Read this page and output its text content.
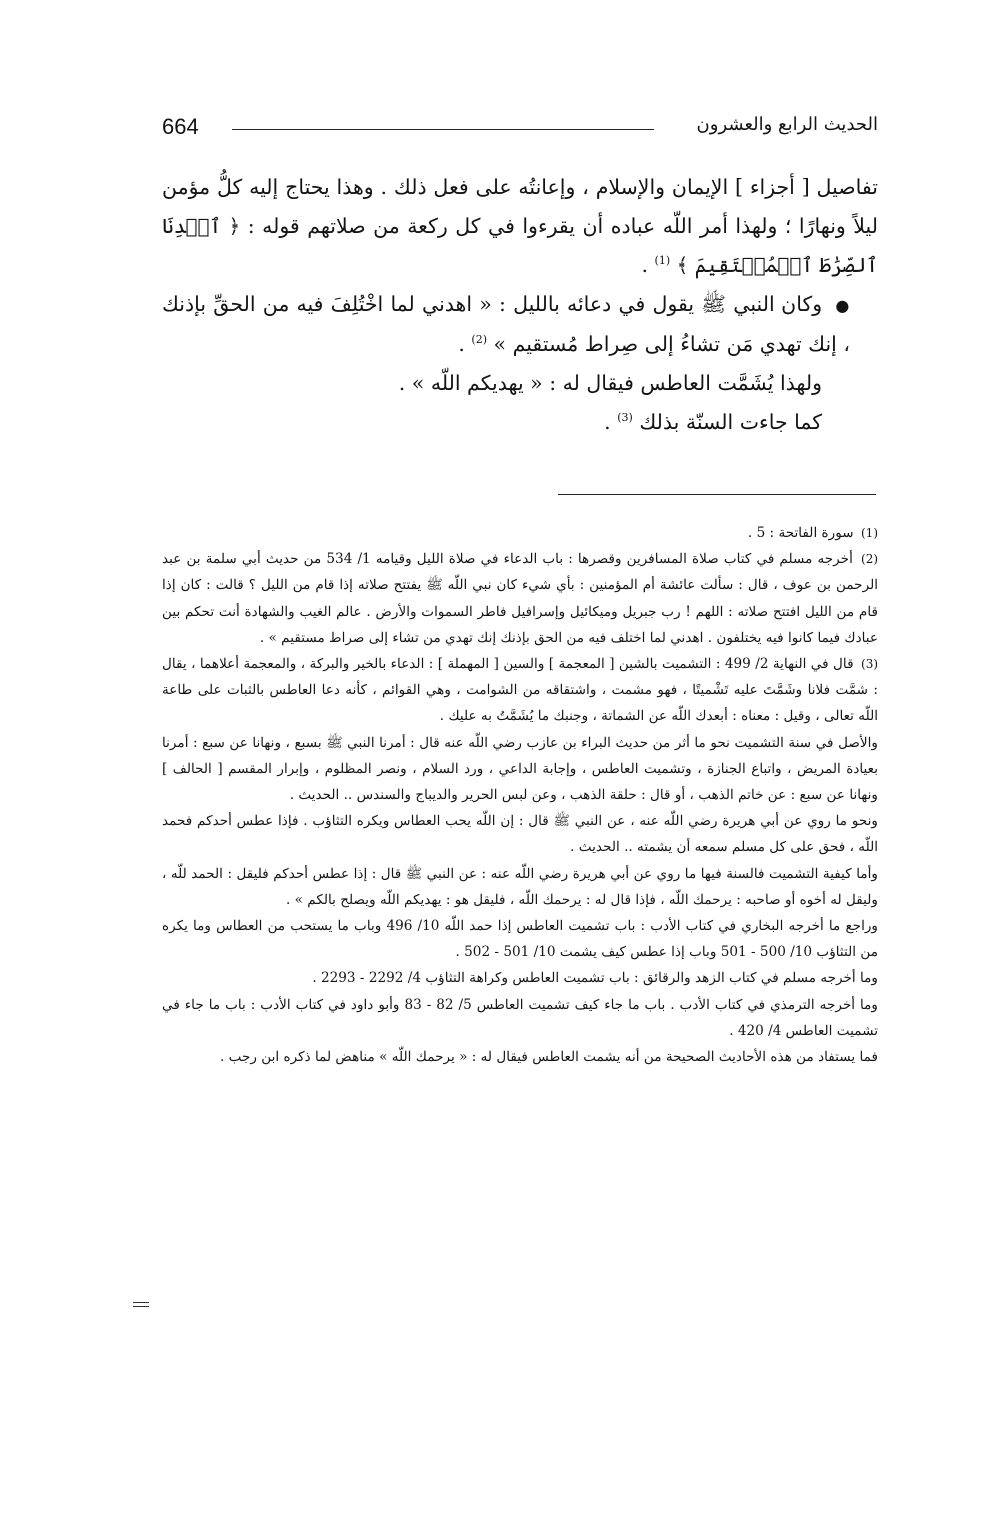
664	الحديث الرابع والعشرون

تفاصيل [ أجزاء ] الإيمان والإسلام ، وإعانتُه على فعل ذلك . وهذا يحتاج إليه كلُّ مؤمن ليلاً ونهارًا ؛ ولهذا أمر اللّه عباده أن يقرءوا في كل ركعة من صلاتهم قوله : ﴿ ٱهۡدِنَا ٱلصِّرَٰطَ ٱلۡمُسۡتَقِيمَ ﴾ $^{(1)}$ .

● وكان النبي ﷺ يقول في دعائه بالليل : « اهدني لما اخْتُلِفَ فيه من الحقِّ بإذنك ، إنك تهدي مَن تشاءُ إلى صِراط مُستقيم » $^{(2)}$ .

ولهذا يُشَمَّت العاطس فيقال له : « يهديكم اللّه » .

كما جاءت السنّة بذلك $^{(3)}$ .

(1) سورة الفاتحة : 5 .

(2) أخرجه مسلم في كتاب صلاة المسافرين وقصرها : باب الدعاء في صلاة الليل وقيامه 1/ 534 من حديث أبي سلمة بن عبد الرحمن بن عوف ، قال : سألت عائشة أم المؤمنين : بأي شيء كان نبي اللّه ﷺ يفتتح صلاته إذا قام من الليل ؟ قالت : كان إذا قام من الليل افتتح صلاته : اللهم ! رب جبريل وميكائيل وإسرافيل فاطر السموات والأرض . عالم الغيب والشهادة أنت تحكم بين عبادك فيما كانوا فيه يختلفون . اهدني لما اختلف فيه من الحق بإذنك إنك تهدي من تشاء إلى صراط مستقيم » .

(3) قال في النهاية 2/ 499 : التشميت بالشين [ المعجمة ] والسين [ المهملة ] : الدعاء بالخير والبركة ، والمعجمة أعلاهما ، يقال : شمَّت فلانا وشَمَّتَ عليه تَشْميتًا ، فهو مشمت ، واشتقاقه من الشوامت ، وهي القوائم ، كأنه دعا العاطس بالثبات على طاعة اللّه تعالى ، وقيل : معناه : أبعدك اللّه عن الشماتة ، وجنبك ما يُشَمَّتُ به عليك .

والأصل في سنة التشميت نحو ما أثر من حديث البراء بن عازب رضي اللّه عنه قال : أمرنا النبي ﷺ بسبع ، ونهانا عن سبع : أمرنا بعيادة المريض ، واتباع الجنازة ، وتشميت العاطس ، وإجابة الداعي ، ورد السلام ، ونصر المظلوم ، وإبرار المقسم [ الحالف ] ونهانا عن سبع : عن خاتم الذهب ، أو قال : حلقة الذهب ، وعن لبس الحرير والديباج والسندس .. الحديث .

ونحو ما روي عن أبي هريرة رضي اللّه عنه ، عن النبي ﷺ قال : إن اللّه يحب العطاس ويكره التثاؤب . فإذا عطس أحدكم فحمد اللّه ، فحق على كل مسلم سمعه أن يشمته .. الحديث .

وأما كيفية التشميت فالسنة فيها ما روي عن أبي هريرة رضي اللّه عنه : عن النبي ﷺ قال : إذا عطس أحدكم فليقل : الحمد للّه ، وليقل له أخوه أو صاحبه : يرحمك اللّه ، فإذا قال له : يرحمك اللّه ، فليقل هو : يهديكم اللّه ويصلح بالكم » .

وراجع ما أخرجه البخاري في كتاب الأدب : باب تشميت العاطس إذا حمد اللّه 10/ 496 وباب ما يستحب من العطاس وما يكره من التثاؤب 10/ 500 - 501 وباب إذا عطس كيف يشمت 10/ 501 - 502 .

وما أخرجه مسلم في كتاب الزهد والرقائق : باب تشميت العاطس وكراهة التثاؤب 4/ 2292 - 2293 .

وما أخرجه الترمذي في كتاب الأدب . باب ما جاء كيف تشميت العاطس 5/ 82 - 83 وأبو داود في كتاب الأدب : باب ما جاء في تشميت العاطس 4/ 420 .

فما يستفاد من هذه الأحاديث الصحيحة من أنه يشمت العاطس فيقال له : « يرحمك اللّه » مناهض لما ذكره ابن رجب .
